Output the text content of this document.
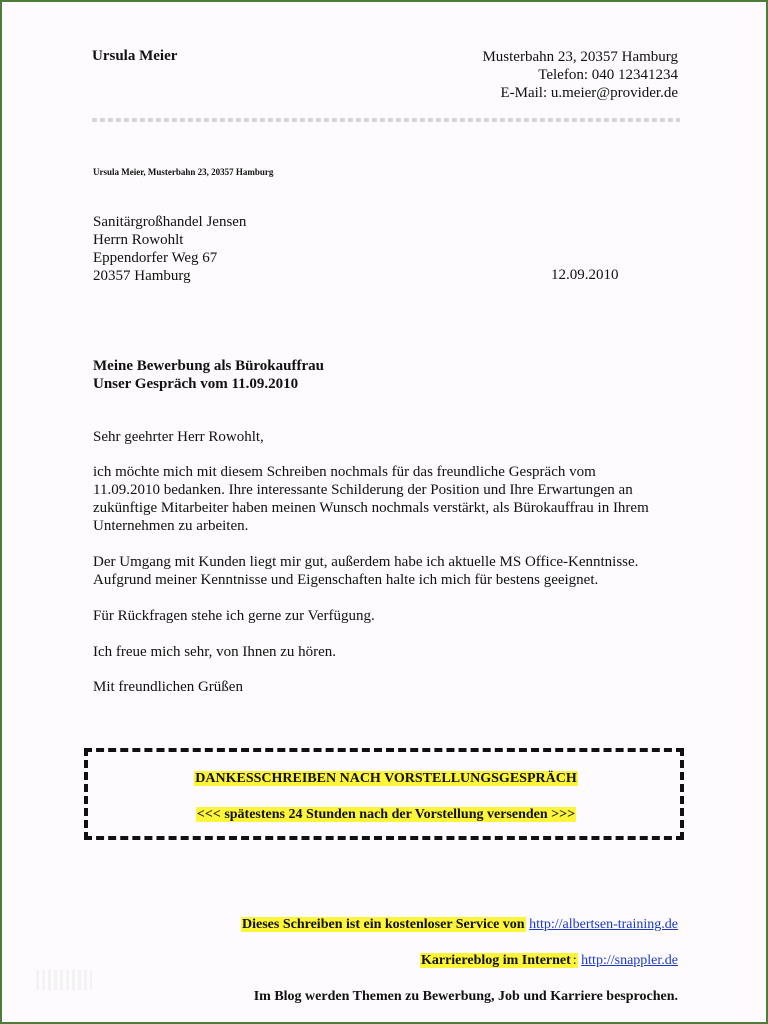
Ursula Meier	Musterbahn 23, 20357 Hamburg
Telefon: 040 12341234
E-Mail: u.meier@provider.de
Ursula Meier, Musterbahn 23, 20357 Hamburg
Sanitärgroßhandel Jensen
Herrn Rowohlt
Eppendorfer Weg 67
20357 Hamburg	12.09.2010
Meine Bewerbung als Bürokauffrau
Unser Gespräch vom 11.09.2010
Sehr geehrter Herr Rowohlt,
ich möchte mich mit diesem Schreiben nochmals für das freundliche Gespräch vom
11.09.2010 bedanken. Ihre interessante Schilderung der Position und Ihre Erwartungen an
zukünftige Mitarbeiter haben meinen Wunsch nochmals verstärkt, als Bürokauffrau in Ihrem
Unternehmen zu arbeiten.
Der Umgang mit Kunden liegt mir gut, außerdem habe ich aktuelle MS Office-Kenntnisse.
Aufgrund meiner Kenntnisse und Eigenschaften halte ich mich für bestens geeignet.
Für Rückfragen stehe ich gerne zur Verfügung.
Ich freue mich sehr, von Ihnen zu hören.
Mit freundlichen Grüßen
DANKESSCHREIBEN NACH VORSTELLUNGSGESPRÄCH
<<< spätestens 24 Stunden nach der Vorstellung versenden >>>
Dieses Schreiben ist ein kostenloser Service von http://albertsen-training.de
Karriereblog im Internet : http://snappler.de
Im Blog werden Themen zu Bewerbung, Job und Karriere besprochen.
